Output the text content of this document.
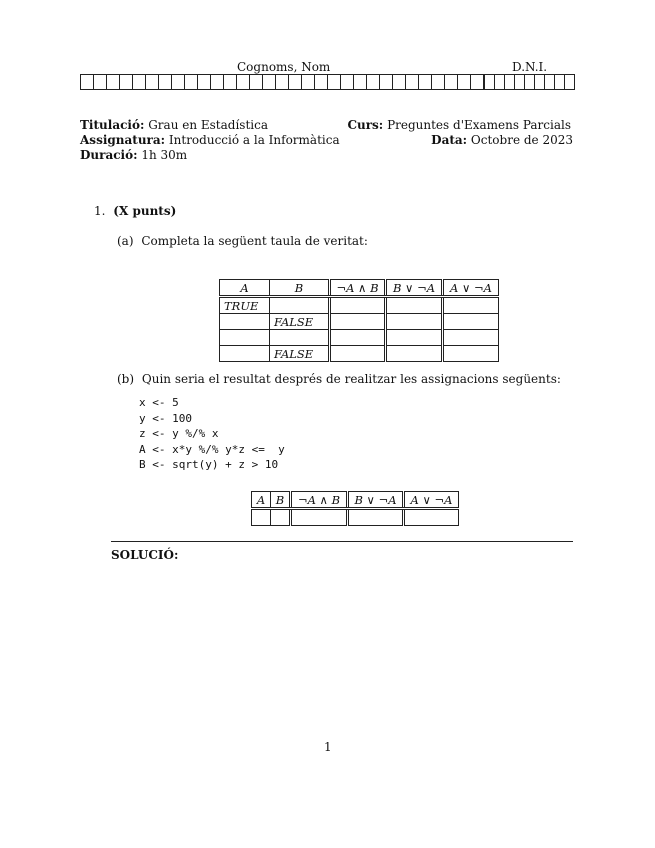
Cognoms, Nom	D.N.I.
Titulació: Grau en Estadística
Assignatura: Introducció a la Informàtica
Duració: 1h 30m
Curs: Preguntes d'Examens Parcials
Data: Octobre de 2023
1. (X punts)
(a) Completa la següent taula de veritat:
A	B	¬A ∧ B	B ∨ ¬A	A ∨ ¬A
TRUE				
	FALSE			

	FALSE			
(b) Quin seria el resultat després de realitzar les assignacions següents:
x <- 5
y <- 100
z <- y %/% x
A <- x*y %/% y*z <=  y
B <- sqrt(y) + z > 10
A	B	¬A ∧ B	B ∨ ¬A	A ∨ ¬A

SOLUCIÓ:
1
